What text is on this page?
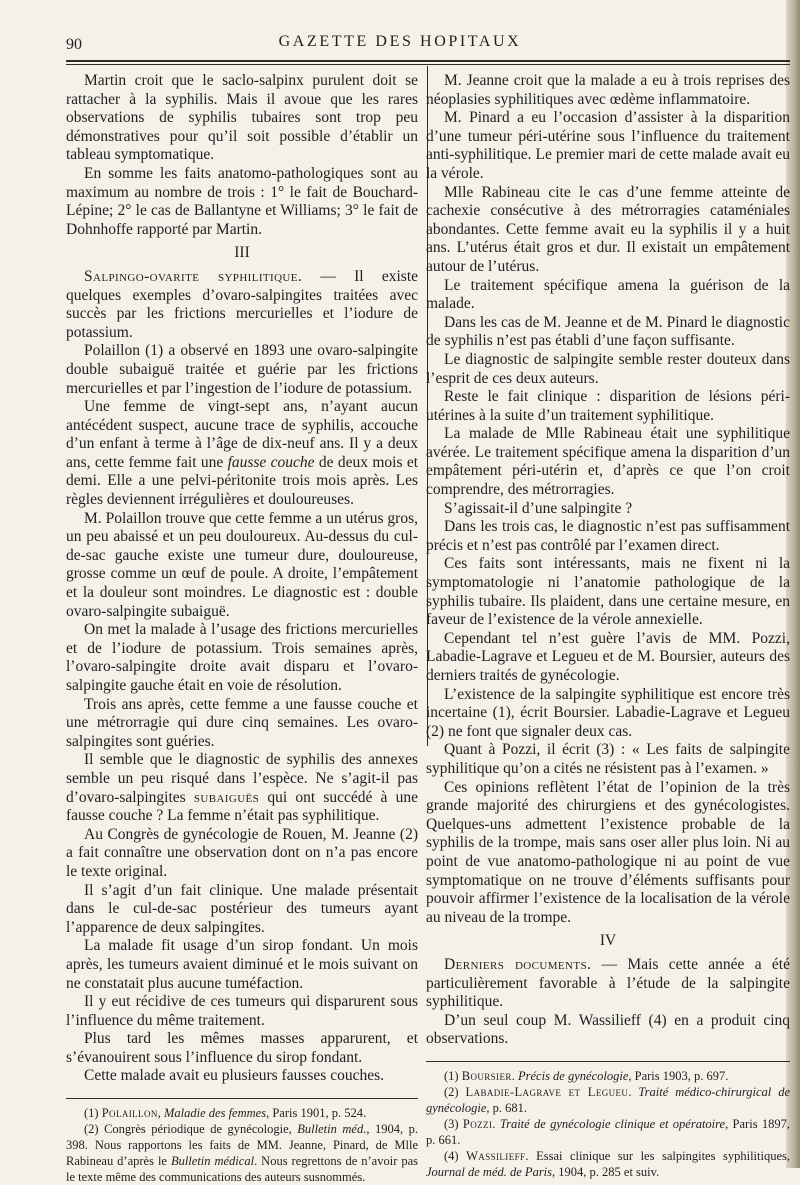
90	GAZETTE DES HOPITAUX

Martin croit que le saclo-salpinx purulent doit se rattacher à la syphilis. Mais il avoue que les rares observations de syphilis tubaires sont trop peu démonstratives pour qu’il soit possible d’établir un tableau symptomatique.

En somme les faits anatomo-pathologiques sont au maximum au nombre de trois : 1° le fait de Bouchard-Lépine; 2° le cas de Ballantyne et Williams; 3° le fait de Dohnhoffe rapporté par Martin.

III

Salpingo-ovarite syphilitique. — Il existe quelques exemples d’ovaro-salpingites traitées avec succès par les frictions mercurielles et l’iodure de potassium.

Polaillon (1) a observé en 1893 une ovaro-salpingite double subaiguë traitée et guérie par les frictions mercurielles et par l’ingestion de l’iodure de potassium.

Une femme de vingt-sept ans, n’ayant aucun antécédent suspect, aucune trace de syphilis, accouche d’un enfant à terme à l’âge de dix-neuf ans. Il y a deux ans, cette femme fait une fausse couche de deux mois et demi. Elle a une pelvi-péritonite trois mois après. Les règles deviennent irrégulières et douloureuses.

M. Polaillon trouve que cette femme a un utérus gros, un peu abaissé et un peu douloureux. Au-dessus du cul-de-sac gauche existe une tumeur dure, douloureuse, grosse comme un œuf de poule. A droite, l’empâtement et la douleur sont moindres. Le diagnostic est : double ovaro-salpingite subaiguë.

On met la malade à l’usage des frictions mercurielles et de l’iodure de potassium. Trois semaines après, l’ovaro-salpingite droite avait disparu et l’ovaro-salpingite gauche était en voie de résolution.

Trois ans après, cette femme a une fausse couche et une métrorragie qui dure cinq semaines. Les ovaro-salpingites sont guéries.

Il semble que le diagnostic de syphilis des annexes semble un peu risqué dans l’espèce. Ne s’agit-il pas d’ovaro-salpingites subaiguës qui ont succédé à une fausse couche ? La femme n’était pas syphilitique.

Au Congrès de gynécologie de Rouen, M. Jeanne (2) a fait connaître une observation dont on n’a pas encore le texte original.

Il s’agit d’un fait clinique. Une malade présentait dans le cul-de-sac postérieur des tumeurs ayant l’apparence de deux salpingites.

La malade fit usage d’un sirop fondant. Un mois après, les tumeurs avaient diminué et le mois suivant on ne constatait plus aucune tuméfaction.

Il y eut récidive de ces tumeurs qui disparurent sous l’influence du même traitement.

Plus tard les mêmes masses apparurent, et s’évanouirent sous l’influence du sirop fondant.

Cette malade avait eu plusieurs fausses couches.

(1) Polaillon, Maladie des femmes, Paris 1901, p. 524.

(2) Congrès périodique de gynécologie, Bulletin méd., 1904, p. 398. Nous rapportons les faits de MM. Jeanne, Pinard, de Mlle Rabineau d’après le Bulletin médical. Nous regrettons de n’avoir pas le texte même des communications des auteurs susnommés.

M. Jeanne croit que la malade a eu à trois reprises des néoplasies syphilitiques avec œdème inflammatoire.

M. Pinard a eu l’occasion d’assister à la disparition d’une tumeur péri-utérine sous l’influence du traitement anti-syphilitique. Le premier mari de cette malade avait eu la vérole.

Mlle Rabineau cite le cas d’une femme atteinte de cachexie consécutive à des métrorragies cataméniales abondantes. Cette femme avait eu la syphilis il y a huit ans. L’utérus était gros et dur. Il existait un empâtement autour de l’utérus.

Le traitement spécifique amena la guérison de la malade.

Dans les cas de M. Jeanne et de M. Pinard le diagnostic de syphilis n’est pas établi d’une façon suffisante.

Le diagnostic de salpingite semble rester douteux dans l’esprit de ces deux auteurs.

Reste le fait clinique : disparition de lésions péri-utérines à la suite d’un traitement syphilitique.

La malade de Mlle Rabineau était une syphilitique avérée. Le traitement spécifique amena la disparition d’un empâtement péri-utérin et, d’après ce que l’on croit comprendre, des métrorragies.

S’agissait-il d’une salpingite ?

Dans les trois cas, le diagnostic n’est pas suffisamment précis et n’est pas contrôlé par l’examen direct.

Ces faits sont intéressants, mais ne fixent ni la symptomatologie ni l’anatomie pathologique de la syphilis tubaire. Ils plaident, dans une certaine mesure, en faveur de l’existence de la vérole annexielle.

Cependant tel n’est guère l’avis de MM. Pozzi, Labadie-Lagrave et Legueu et de M. Boursier, auteurs des derniers traités de gynécologie.

L’existence de la salpingite syphilitique est encore très incertaine (1), écrit Boursier. Labadie-Lagrave et Legueu (2) ne font que signaler deux cas.

Quant à Pozzi, il écrit (3) : « Les faits de salpingite syphilitique qu’on a cités ne résistent pas à l’examen. »

Ces opinions reflètent l’état de l’opinion de la très grande majorité des chirurgiens et des gynécologistes. Quelques-uns admettent l’existence probable de la syphilis de la trompe, mais sans oser aller plus loin. Ni au point de vue anatomo-pathologique ni au point de vue symptomatique on ne trouve d’éléments suffisants pour pouvoir affirmer l’existence de la localisation de la vérole au niveau de la trompe.

IV

Derniers documents. — Mais cette année a été particulièrement favorable à l’étude de la salpingite syphilitique.

D’un seul coup M. Wassilieff (4) en a produit cinq observations.

(1) Boursier. Précis de gynécologie, Paris 1903, p. 697.

(2) Labadie-Lagrave et Legueu. Traité médico-chirurgical de gynécologie, p. 681.

(3) Pozzi. Traité de gynécologie clinique et opératoire, Paris 1897, p. 661.

(4) Wassilieff. Essai clinique sur les salpingites syphilitiques, Journal de méd. de Paris, 1904, p. 285 et suiv.
